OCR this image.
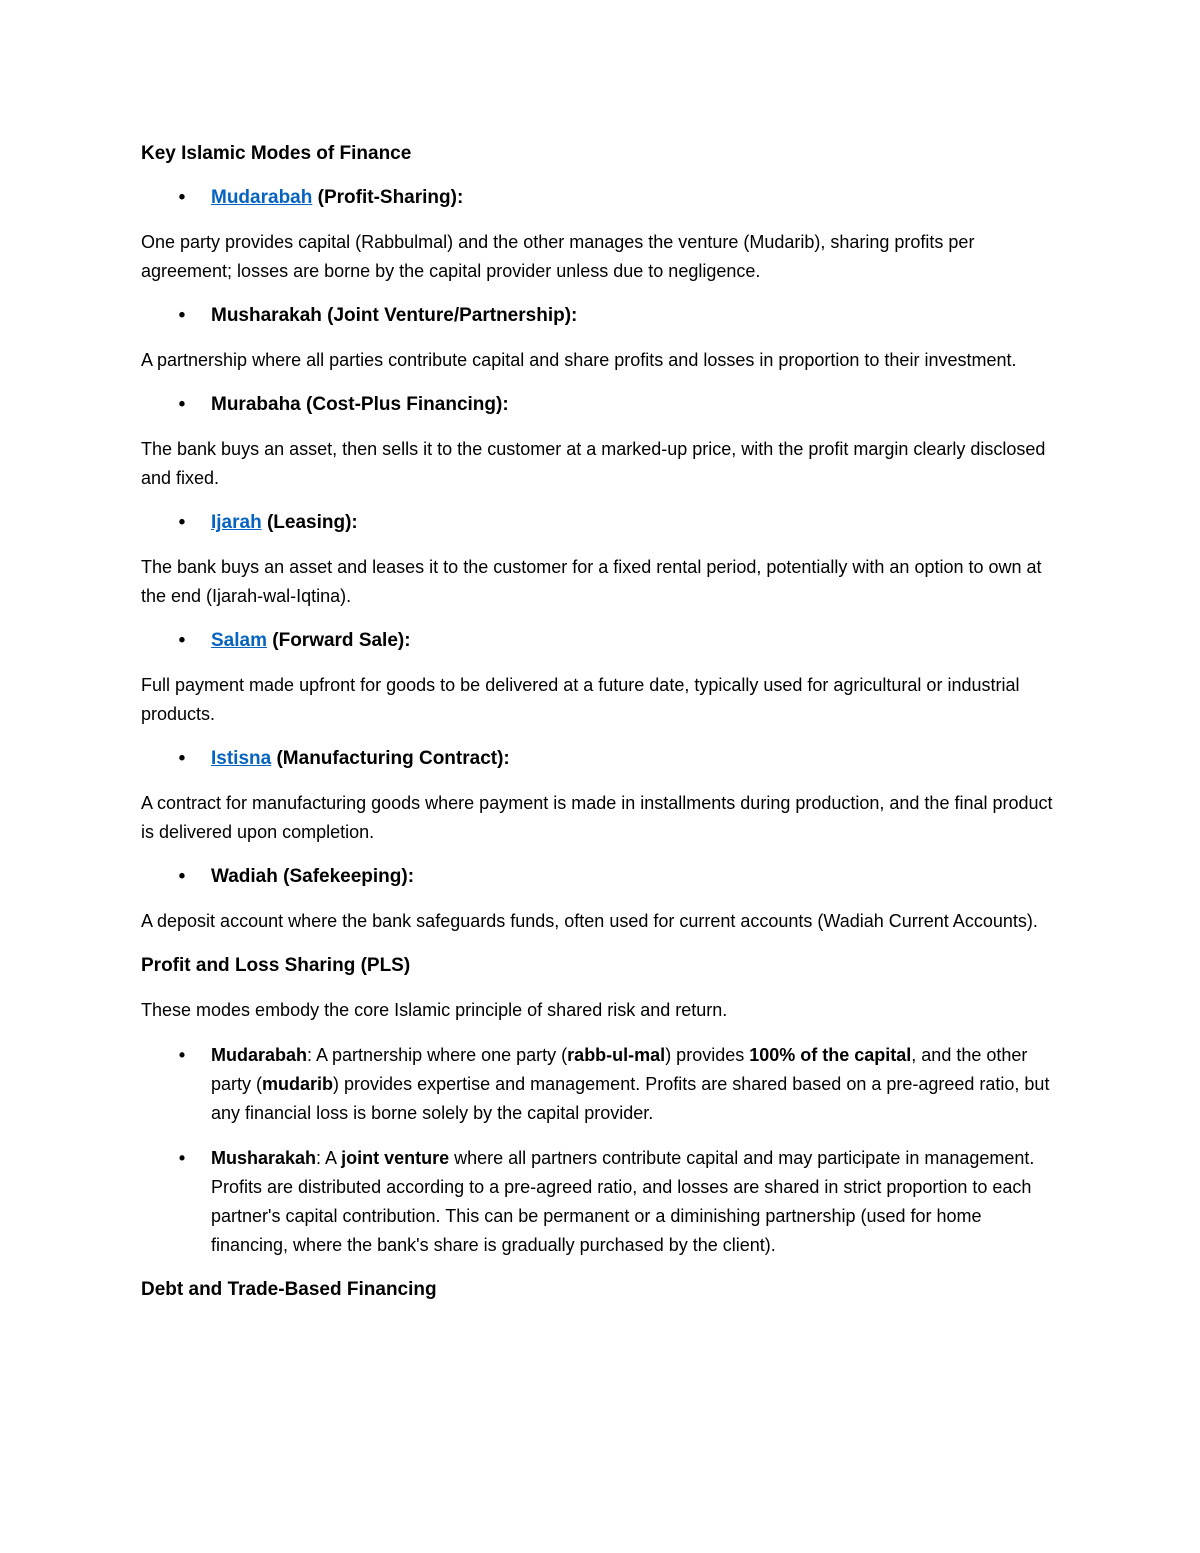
Key Islamic Modes of Finance
• Mudarabah (Profit-Sharing):
One party provides capital (Rabbulmal) and the other manages the venture (Mudarib), sharing profits per agreement; losses are borne by the capital provider unless due to negligence.
• Musharakah (Joint Venture/Partnership):
A partnership where all parties contribute capital and share profits and losses in proportion to their investment.
• Murabaha (Cost-Plus Financing):
The bank buys an asset, then sells it to the customer at a marked-up price, with the profit margin clearly disclosed and fixed.
• Ijarah (Leasing):
The bank buys an asset and leases it to the customer for a fixed rental period, potentially with an option to own at the end (Ijarah-wal-Iqtina).
• Salam (Forward Sale):
Full payment made upfront for goods to be delivered at a future date, typically used for agricultural or industrial products.
• Istisna (Manufacturing Contract):
A contract for manufacturing goods where payment is made in installments during production, and the final product is delivered upon completion.
• Wadiah (Safekeeping):
A deposit account where the bank safeguards funds, often used for current accounts (Wadiah Current Accounts).
Profit and Loss Sharing (PLS)
These modes embody the core Islamic principle of shared risk and return.
• Mudarabah: A partnership where one party (rabb-ul-mal) provides 100% of the capital, and the other party (mudarib) provides expertise and management. Profits are shared based on a pre-agreed ratio, but any financial loss is borne solely by the capital provider.
• Musharakah: A joint venture where all partners contribute capital and may participate in management. Profits are distributed according to a pre-agreed ratio, and losses are shared in strict proportion to each partner's capital contribution. This can be permanent or a diminishing partnership (used for home financing, where the bank's share is gradually purchased by the client).
Debt and Trade-Based Financing
